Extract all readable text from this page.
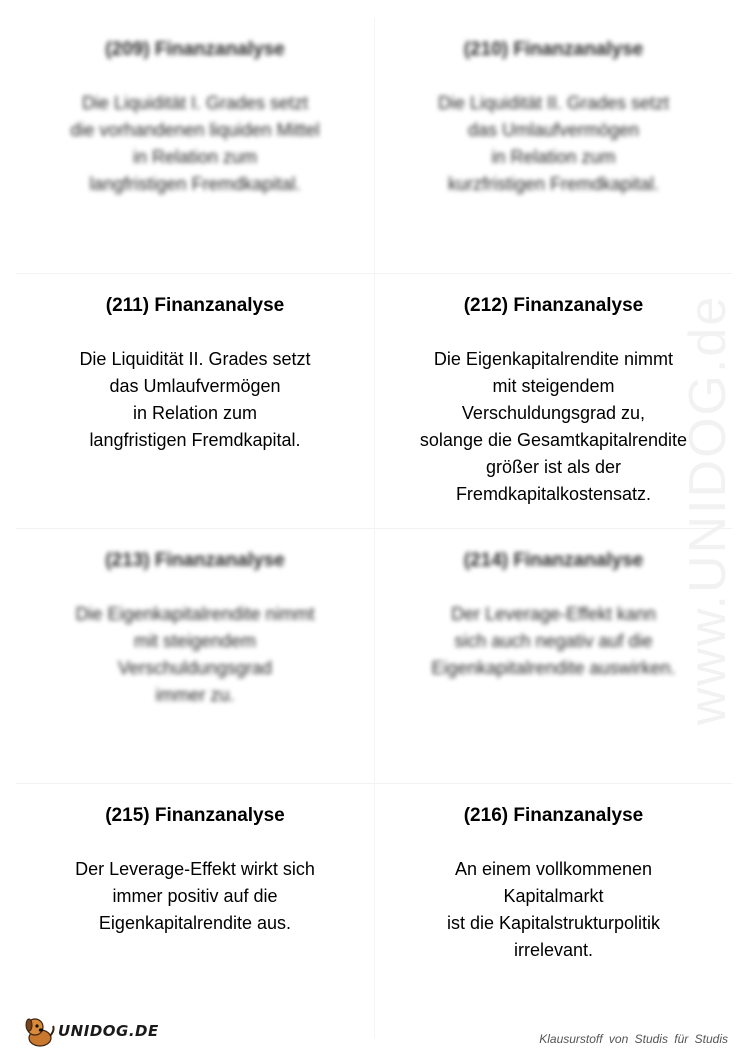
www.UNIDOG.de
(209) Finanzanalyse
Die Liquidität I. Grades setzt
die vorhandenen liquiden Mittel
in Relation zum
langfristigen Fremdkapital.
(210) Finanzanalyse
Die Liquidität II. Grades setzt
das Umlaufvermögen
in Relation zum
kurzfristigen Fremdkapital.
(211) Finanzanalyse
Die Liquidität II. Grades setzt
das Umlaufvermögen
in Relation zum
langfristigen Fremdkapital.
(212) Finanzanalyse
Die Eigenkapitalrendite nimmt
mit steigendem
Verschuldungsgrad zu,
solange die Gesamtkapitalrendite
größer ist als der
Fremdkapitalkostensatz.
(213) Finanzanalyse
Die Eigenkapitalrendite nimmt
mit steigendem
Verschuldungsgrad
immer zu.
(214) Finanzanalyse
Der Leverage-Effekt kann
sich auch negativ auf die
Eigenkapitalrendite auswirken.
(215) Finanzanalyse
Der Leverage-Effekt wirkt sich
immer positiv auf die
Eigenkapitalrendite aus.
(216) Finanzanalyse
An einem vollkommenen
Kapitalmarkt
ist die Kapitalstrukturpolitik
irrelevant.
UNIDOG.DE	Klausurstoff von Studis für Studis
